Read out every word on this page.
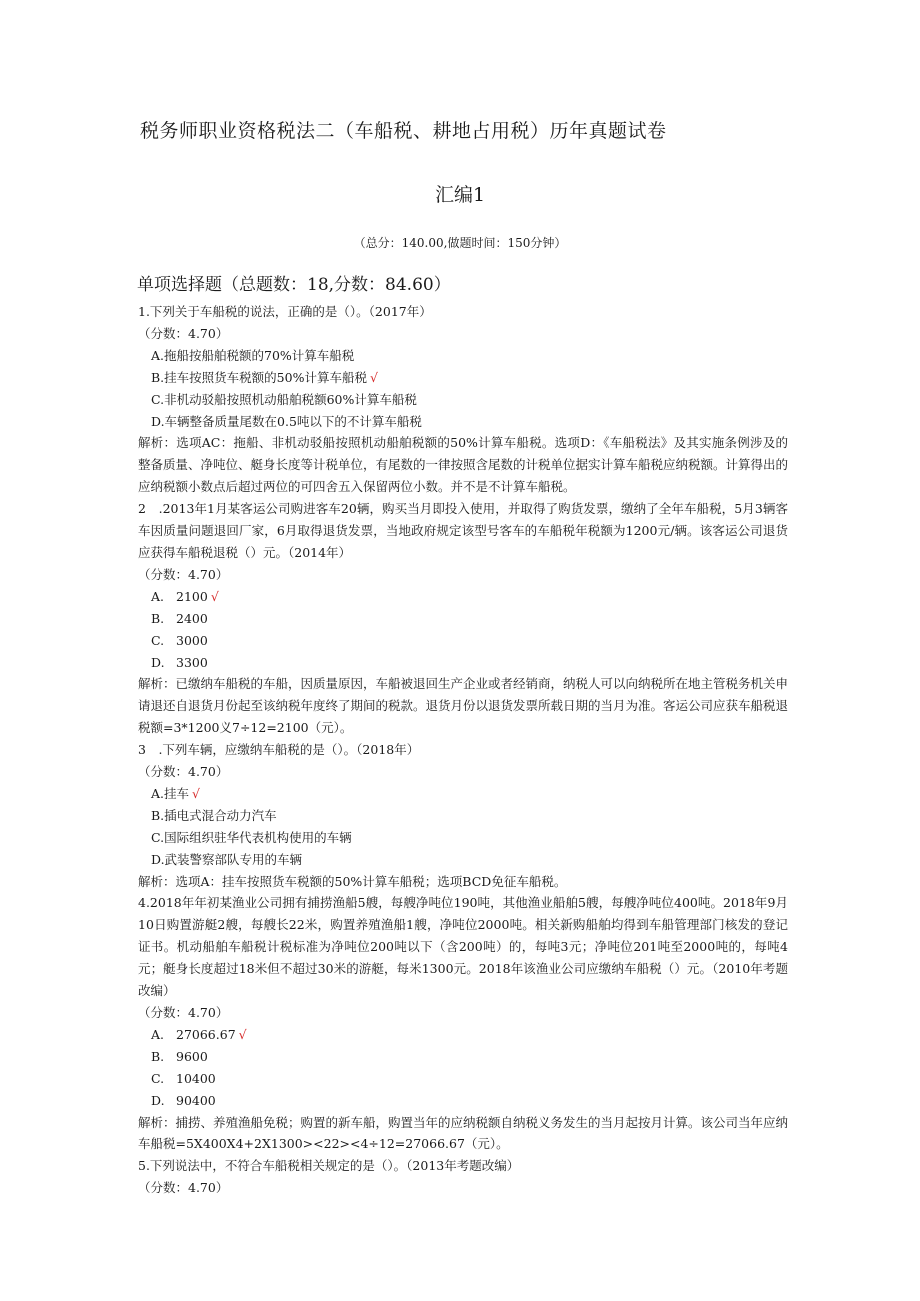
税务师职业资格税法二（车船税、耕地占用税）历年真题试卷
汇编1
（总分：140.00,做题时间：150分钟）
单项选择题（总题数：18,分数：84.60）
1.下列关于车船税的说法，正确的是（）。（2017年）
（分数：4.70）
A.拖船按船舶税额的70%计算车船税
B.挂车按照货车税额的50%计算车船税 √
C.非机动驳船按照机动船舶税额60%计算车船税
D.车辆整备质量尾数在0.5吨以下的不计算车船税
解析：选项AC：拖船、非机动驳船按照机动船舶税额的50%计算车船税。选项D：《车船税法》及其实施条例涉及的整备质量、净吨位、艇身长度等计税单位，有尾数的一律按照含尾数的计税单位据实计算车船税应纳税额。计算得出的应纳税额小数点后超过两位的可四舍五入保留两位小数。并不是不计算车船税。
2　.2013年1月某客运公司购进客车20辆，购买当月即投入使用，并取得了购货发票，缴纳了全年车船税，5月3辆客车因质量问题退回厂家，6月取得退货发票，当地政府规定该型号客车的车船税年税额为1200元/辆。该客运公司退货应获得车船税退税（）元。（2014年）
（分数：4.70）
A. 2100 √
B. 2400
C. 3000
D. 3300
解析：已缴纳车船税的车船，因质量原因，车船被退回生产企业或者经销商，纳税人可以向纳税所在地主管税务机关申请退还自退货月份起至该纳税年度终了期间的税款。退货月份以退货发票所载日期的当月为准。客运公司应获车船税退税额=3*1200义7÷12=2100（元）。
3　.下列车辆，应缴纳车船税的是（）。（2018年）
（分数：4.70）
A.挂车 √
B.插电式混合动力汽车
C.国际组织驻华代表机构使用的车辆
D.武装警察部队专用的车辆
解析：选项A：挂车按照货车税额的50%计算车船税；选项BCD免征车船税。
4.2018年年初某渔业公司拥有捕捞渔船5艘，每艘净吨位190吨，其他渔业船舶5艘，每艘净吨位400吨。2018年9月10日购置游艇2艘，每艘长22米，购置养殖渔船1艘，净吨位2000吨。相关新购船舶均得到车船管理部门核发的登记证书。机动船舶车船税计税标准为净吨位200吨以下（含200吨）的，每吨3元；净吨位201吨至2000吨的，每吨4元；艇身长度超过18米但不超过30米的游艇，每米1300元。2018年该渔业公司应缴纳车船税（）元。（2010年考题改编）
（分数：4.70）
A. 27066.67 √
B. 9600
C. 10400
D. 90400
解析：捕捞、养殖渔船免税；购置的新车船，购置当年的应纳税额自纳税义务发生的当月起按月计算。该公司当年应纳车船税=5X400X4+2X1300><22><4÷12=27066.67（元）。
5.下列说法中，不符合车船税相关规定的是（）。（2013年考题改编）
（分数：4.70）
